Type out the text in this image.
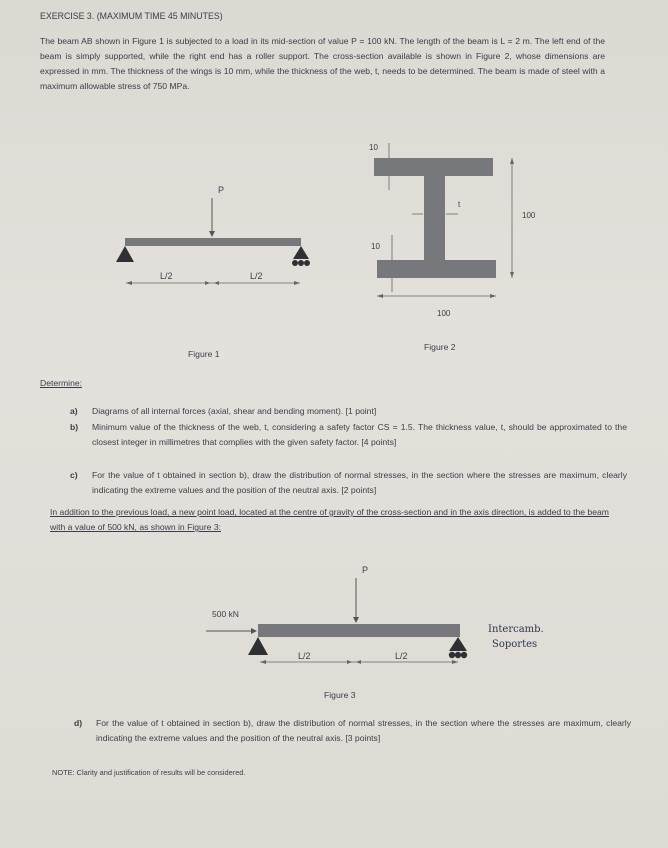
EXERCISE 3. (MAXIMUM TIME 45 MINUTES)
The beam AB shown in Figure 1 is subjected to a load in its mid-section of value P = 100 kN. The length of the beam is L = 2 m. The left end of the beam is simply supported, while the right end has a roller support. The cross-section available is shown in Figure 2, whose dimensions are expressed in mm. The thickness of the wings is 10 mm, while the thickness of the web, t, needs to be determined. The beam is made of steel with a maximum allowable stress of 750 MPa.
P
L/2	L/2
10
10
t
100
100
P
500 kN
L/2	L/2
Figure 1
Figure 2
Determine:
a) Diagrams of all internal forces (axial, shear and bending moment). [1 point]
b) Minimum value of the thickness of the web, t, considering a safety factor CS = 1.5. The thickness value, t, should be approximated to the closest integer in millimetres that complies with the given safety factor. [4 points]
c) For the value of t obtained in section b), draw the distribution of normal stresses, in the section where the stresses are maximum, clearly indicating the extreme values and the position of the neutral axis. [2 points]
In addition to the previous load, a new point load, located at the centre of gravity of the cross-section and in the axis direction, is added to the beam with a value of 500 kN, as shown in Figure 3:
Intercamb.
Soportes
Figure 3
d) For the value of t obtained in section b), draw the distribution of normal stresses, in the section where the stresses are maximum, clearly indicating the extreme values and the position of the neutral axis. [3 points]
NOTE: Clarity and justification of results will be considered.
